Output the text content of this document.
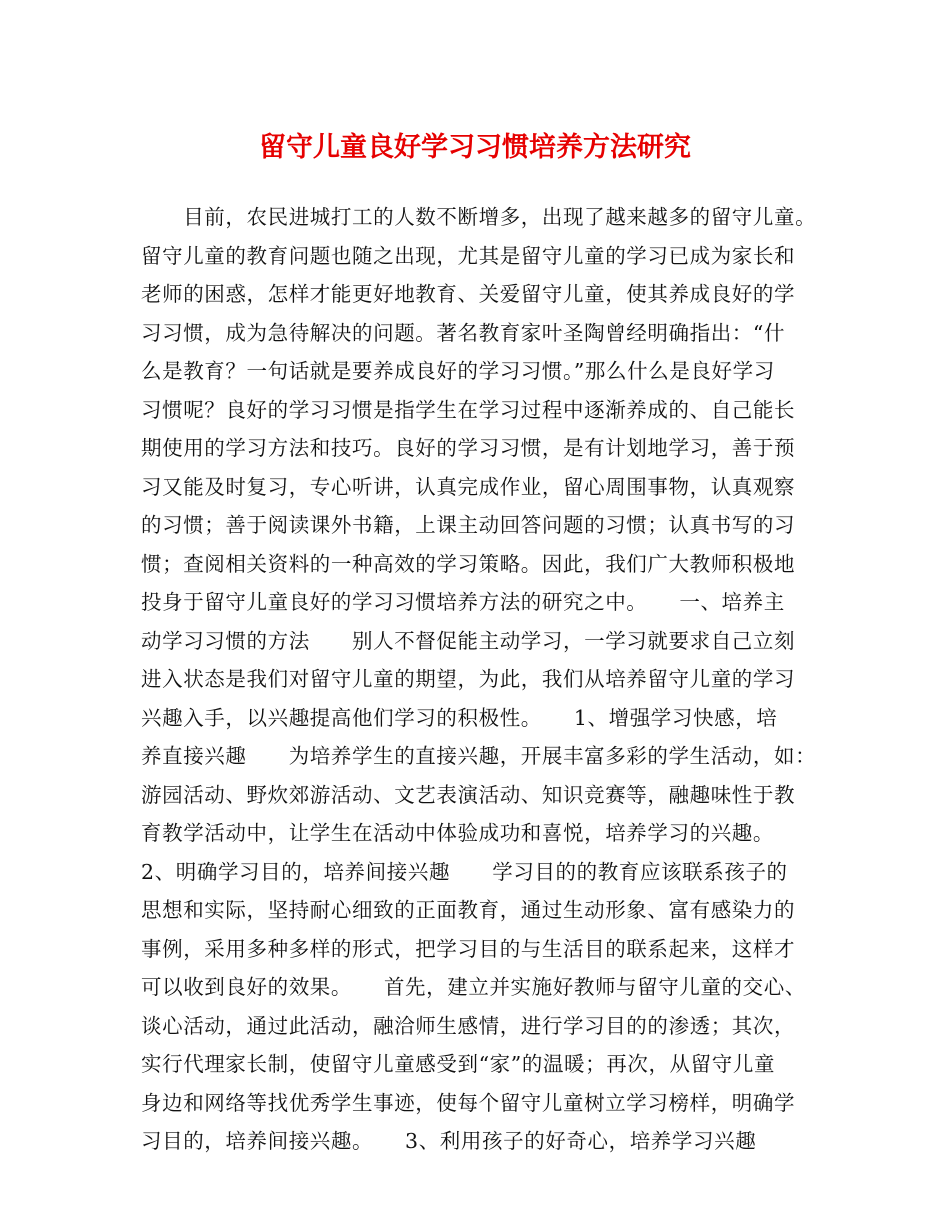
留守儿童良好学习习惯培养方法研究
　　目前，农民进城打工的人数不断增多，出现了越来越多的留守儿童。
留守儿童的教育问题也随之出现，尤其是留守儿童的学习已成为家长和
老师的困惑，怎样才能更好地教育、关爱留守儿童，使其养成良好的学
习习惯，成为急待解决的问题。著名教育家叶圣陶曾经明确指出：“什
么是教育？一句话就是要养成良好的学习习惯。”那么什么是良好学习
习惯呢？良好的学习习惯是指学生在学习过程中逐渐养成的、自己能长
期使用的学习方法和技巧。良好的学习习惯，是有计划地学习，善于预
习又能及时复习，专心听讲，认真完成作业，留心周围事物，认真观察
的习惯；善于阅读课外书籍，上课主动回答问题的习惯；认真书写的习
惯；查阅相关资料的一种高效的学习策略。因此，我们广大教师积极地
投身于留守儿童良好的学习习惯培养方法的研究之中。　　一、培养主
动学习习惯的方法　　别人不督促能主动学习，一学习就要求自己立刻
进入状态是我们对留守儿童的期望，为此，我们从培养留守儿童的学习
兴趣入手，以兴趣提高他们学习的积极性。　　1、增强学习快感，培
养直接兴趣　　为培养学生的直接兴趣，开展丰富多彩的学生活动，如：
游园活动、野炊郊游活动、文艺表演活动、知识竞赛等，融趣味性于教
育教学活动中，让学生在活动中体验成功和喜悦，培养学习的兴趣。
2、明确学习目的，培养间接兴趣　　学习目的的教育应该联系孩子的
思想和实际，坚持耐心细致的正面教育，通过生动形象、富有感染力的
事例，采用多种多样的形式，把学习目的与生活目的联系起来，这样才
可以收到良好的效果。　　首先，建立并实施好教师与留守儿童的交心、
谈心活动，通过此活动，融洽师生感情，进行学习目的的渗透；其次，
实行代理家长制，使留守儿童感受到“家”的温暖；再次，从留守儿童
身边和网络等找优秀学生事迹，使每个留守儿童树立学习榜样，明确学
习目的，培养间接兴趣。　　3、利用孩子的好奇心，培养学习兴趣
